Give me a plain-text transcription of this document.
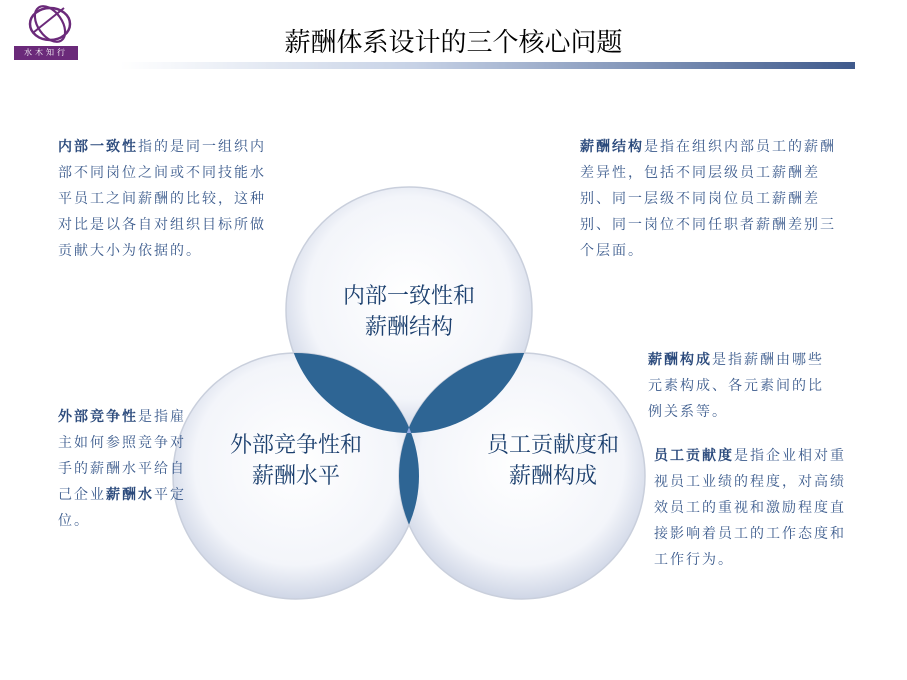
水木知行	薪酬体系设计的三个核心问题
内部一致性和
薪酬结构
外部竞争性和
薪酬水平
员工贡献度和
薪酬构成
内部一致性指的是同一组织内部不同岗位之间或不同技能水平员工之间薪酬的比较，这种对比是以各自对组织目标所做贡献大小为依据的。
薪酬结构是指在组织内部员工的薪酬差异性，包括不同层级员工薪酬差别、同一层级不同岗位员工薪酬差别、同一岗位不同任职者薪酬差别三个层面。
薪酬构成是指薪酬由哪些元素构成、各元素间的比例关系等。
员工贡献度是指企业相对重视员工业绩的程度，对高绩效员工的重视和激励程度直接影响着员工的工作态度和工作行为。
外部竞争性是指雇主如何参照竞争对手的薪酬水平给自己企业薪酬水平定位。
